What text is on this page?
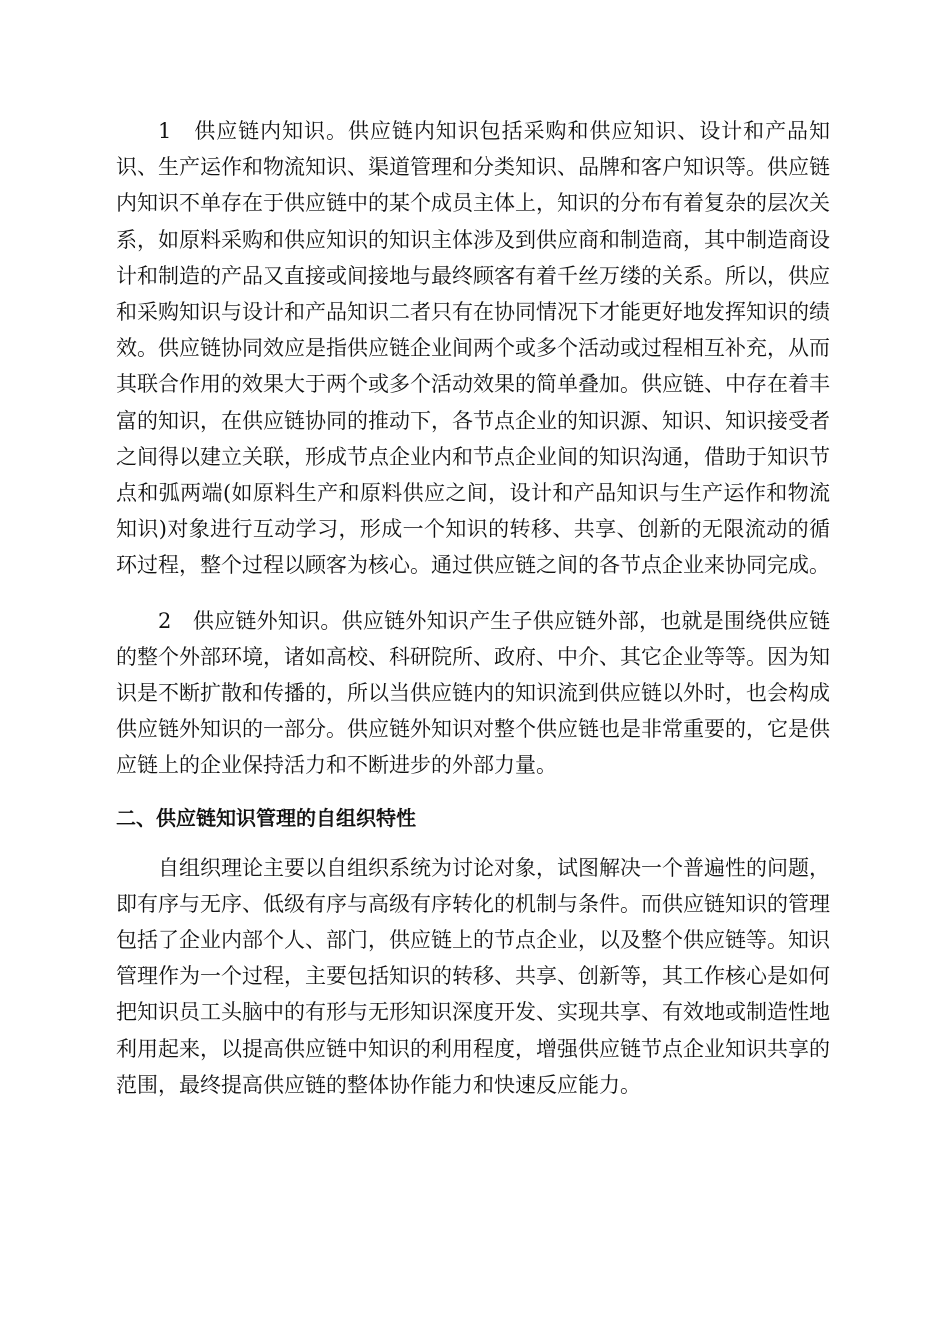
1　供应链内知识。供应链内知识包括采购和供应知识、设计和产品知识、生产运作和物流知识、渠道管理和分类知识、品牌和客户知识等。供应链内知识不单存在于供应链中的某个成员主体上，知识的分布有着复杂的层次关系，如原料采购和供应知识的知识主体涉及到供应商和制造商，其中制造商设计和制造的产品又直接或间接地与最终顾客有着千丝万缕的关系。所以，供应和采购知识与设计和产品知识二者只有在协同情况下才能更好地发挥知识的绩效。供应链协同效应是指供应链企业间两个或多个活动或过程相互补充，从而其联合作用的效果大于两个或多个活动效果的简单叠加。供应链、中存在着丰富的知识，在供应链协同的推动下，各节点企业的知识源、知识、知识接受者之间得以建立关联，形成节点企业内和节点企业间的知识沟通，借助于知识节点和弧两端(如原料生产和原料供应之间，设计和产品知识与生产运作和物流知识)对象进行互动学习，形成一个知识的转移、共享、创新的无限流动的循环过程，整个过程以顾客为核心。通过供应链之间的各节点企业来协同完成。

2　供应链外知识。供应链外知识产生子供应链外部，也就是围绕供应链的整个外部环境，诸如高校、科研院所、政府、中介、其它企业等等。因为知识是不断扩散和传播的，所以当供应链内的知识流到供应链以外时，也会构成供应链外知识的一部分。供应链外知识对整个供应链也是非常重要的，它是供应链上的企业保持活力和不断进步的外部力量。

二、供应链知识管理的自组织特性

自组织理论主要以自组织系统为讨论对象，试图解决一个普遍性的问题，即有序与无序、低级有序与高级有序转化的机制与条件。而供应链知识的管理包括了企业内部个人、部门，供应链上的节点企业，以及整个供应链等。知识管理作为一个过程，主要包括知识的转移、共享、创新等，其工作核心是如何把知识员工头脑中的有形与无形知识深度开发、实现共享、有效地或制造性地利用起来，以提高供应链中知识的利用程度，增强供应链节点企业知识共享的范围，最终提高供应链的整体协作能力和快速反应能力。
